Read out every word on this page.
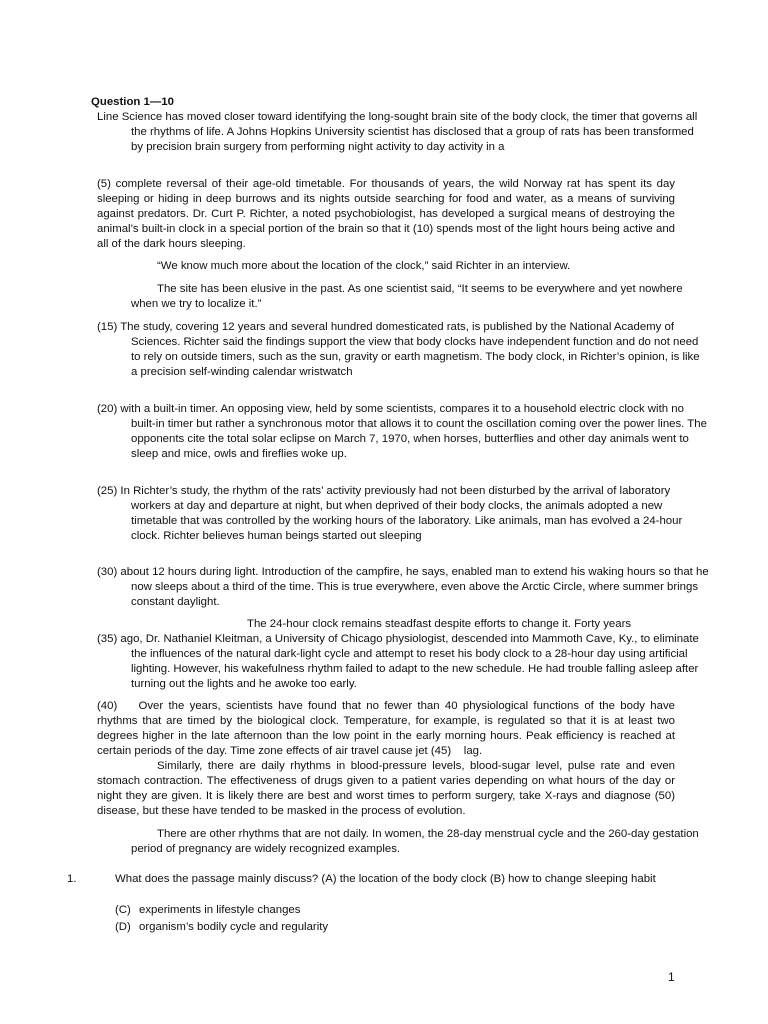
Question 1—10

Line Science has moved closer toward identifying the long-sought brain site of the body clock, the timer that governs all the rhythms of life. A Johns Hopkins University scientist has disclosed that a group of rats has been transformed by precision brain surgery from performing night activity to day activity in a

(5) complete reversal of their age-old timetable. For thousands of years, the wild Norway rat has spent its day sleeping or hiding in deep burrows and its nights outside searching for food and water, as a means of surviving against predators. Dr. Curt P. Richter, a noted psychobiologist, has developed a surgical means of destroying the animal’s built-in clock in a special portion of the brain so that it (10) spends most of the light hours being active and all of the dark hours sleeping.

“We know much more about the location of the clock,” said Richter in an interview.

The site has been elusive in the past. As one scientist said, “It seems to be everywhere and yet nowhere when we try to localize it.”

(15) The study, covering 12 years and several hundred domesticated rats, is published by the National Academy of Sciences. Richter said the findings support the view that body clocks have independent function and do not need to rely on outside timers, such as the sun, gravity or earth magnetism. The body clock, in Richter’s opinion, is like a precision self-winding calendar wristwatch

(20) with a built-in timer. An opposing view, held by some scientists, compares it to a household electric clock with no built-in timer but rather a synchronous motor that allows it to count the oscillation coming over the power lines. The opponents cite the total solar eclipse on March 7, 1970, when horses, butterflies and other day animals went to sleep and mice, owls and fireflies woke up.

(25) In Richter’s study, the rhythm of the rats’ activity previously had not been disturbed by the arrival of laboratory workers at day and departure at night, but when deprived of their body clocks, the animals adopted a new timetable that was controlled by the working hours of the laboratory. Like animals, man has evolved a 24-hour clock. Richter believes human beings started out sleeping

(30) about 12 hours during light. Introduction of the campfire, he says, enabled man to extend his waking hours so that he now sleeps about a third of the time. This is true everywhere, even above the Arctic Circle, where summer brings constant daylight.

The 24-hour clock remains steadfast despite efforts to change it. Forty years

(35) ago, Dr. Nathaniel Kleitman, a University of Chicago physiologist, descended into Mammoth Cave, Ky., to eliminate the influences of the natural dark-light cycle and attempt to reset his body clock to a 28-hour day using artificial lighting. However, his wakefulness rhythm failed to adapt to the new schedule. He had trouble falling asleep after turning out the lights and he awoke too early.

(40)    Over the years, scientists have found that no fewer than 40 physiological functions of the body have rhythms that are timed by the biological clock. Temperature, for example, is regulated so that it is at least two degrees higher in the late afternoon than the low point in the early morning hours. Peak efficiency is reached at certain periods of the day. Time zone effects of air travel cause jet (45)    lag.

Similarly, there are daily rhythms in blood-pressure levels, blood-sugar level, pulse rate and even stomach contraction. The effectiveness of drugs given to a patient varies depending on what hours of the day or night they are given. It is likely there are best and worst times to perform surgery, take X-rays and diagnose (50) disease, but these have tended to be masked in the process of evolution.

There are other rhythms that are not daily. In women, the 28-day menstrual cycle and the 260-day gestation period of pregnancy are widely recognized examples.

1.	What does the passage mainly discuss? (A) the location of the body clock (B) how to change sleeping habit

(C) experiments in lifestyle changes

(D) organism’s bodily cycle and regularity

1
